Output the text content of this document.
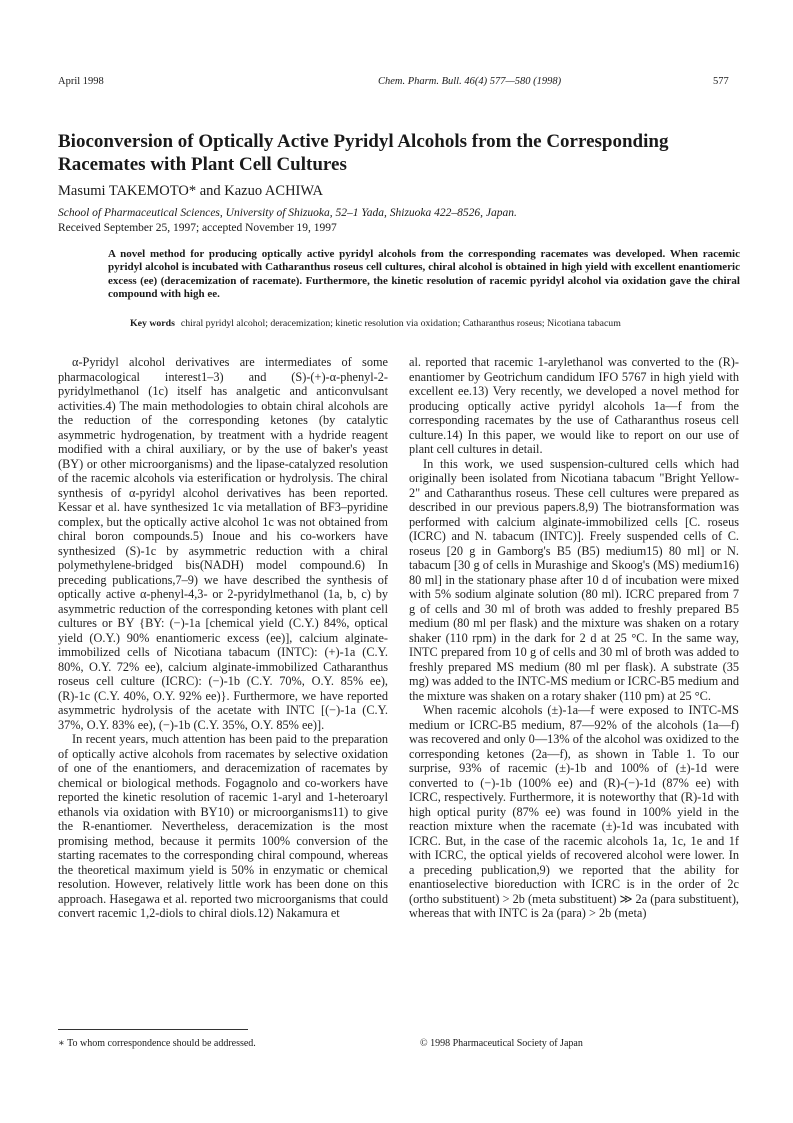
April 1998	Chem. Pharm. Bull. 46(4) 577—580 (1998)	577
Bioconversion of Optically Active Pyridyl Alcohols from the Corresponding Racemates with Plant Cell Cultures
Masumi TAKEMOTO* and Kazuo ACHIWA
School of Pharmaceutical Sciences, University of Shizuoka, 52–1 Yada, Shizuoka 422–8526, Japan.
Received September 25, 1997; accepted November 19, 1997
A novel method for producing optically active pyridyl alcohols from the corresponding racemates was developed. When racemic pyridyl alcohol is incubated with Catharanthus roseus cell cultures, chiral alcohol is obtained in high yield with excellent enantiomeric excess (ee) (deracemization of racemate). Furthermore, the kinetic resolution of racemic pyridyl alcohol via oxidation gave the chiral compound with high ee.
Key words chiral pyridyl alcohol; deracemization; kinetic resolution via oxidation; Catharanthus roseus; Nicotiana tabacum

α-Pyridyl alcohol derivatives are intermediates of some pharmacological interest1–3) and (S)-(+)-α-phenyl-2-pyridylmethanol (1c) itself has analgetic and anticonvulsant activities.4) The main methodologies to obtain chiral alcohols are the reduction of the corresponding ketones (by catalytic asymmetric hydrogenation, by treatment with a hydride reagent modified with a chiral auxiliary, or by the use of baker's yeast (BY) or other microorganisms) and the lipase-catalyzed resolution of the racemic alcohols via esterification or hydrolysis. The chiral synthesis of α-pyridyl alcohol derivatives has been reported. Kessar et al. have synthesized 1c via metallation of BF3–pyridine complex, but the optically active alcohol 1c was not obtained from chiral boron compounds.5) Inoue and his co-workers have synthesized (S)-1c by asymmetric reduction with a chiral polymethylene-bridged bis(NADH) model compound.6) In preceding publications,7–9) we have described the synthesis of optically active α-phenyl-4,3- or 2-pyridylmethanol (1a, b, c) by asymmetric reduction of the corresponding ketones with plant cell cultures or BY {BY: (−)-1a [chemical yield (C.Y.) 84%, optical yield (O.Y.) 90% enantiomeric excess (ee)], calcium alginate-immobilized cells of Nicotiana tabacum (INTC): (+)-1a (C.Y. 80%, O.Y. 72% ee), calcium alginate-immobilized Catharanthus roseus cell culture (ICRC): (−)-1b (C.Y. 70%, O.Y. 85% ee), (R)-1c (C.Y. 40%, O.Y. 92% ee)}. Furthermore, we have reported asymmetric hydrolysis of the acetate with INTC [(−)-1a (C.Y. 37%, O.Y. 83% ee), (−)-1b (C.Y. 35%, O.Y. 85% ee)].

In recent years, much attention has been paid to the preparation of optically active alcohols from racemates by selective oxidation of one of the enantiomers, and deracemization of racemates by chemical or biological methods. Fogagnolo and co-workers have reported the kinetic resolution of racemic 1-aryl and 1-heteroaryl ethanols via oxidation with BY10) or microorganisms11) to give the R-enantiomer. Nevertheless, deracemization is the most promising method, because it permits 100% conversion of the starting racemates to the corresponding chiral compound, whereas the theoretical maximum yield is 50% in enzymatic or chemical resolution. However, relatively little work has been done on this approach. Hasegawa et al. reported two microorganisms that could convert racemic 1,2-diols to chiral diols.12) Nakamura et

al. reported that racemic 1-arylethanol was converted to the (R)-enantiomer by Geotrichum candidum IFO 5767 in high yield with excellent ee.13) Very recently, we developed a novel method for producing optically active pyridyl alcohols 1a—f from the corresponding racemates by the use of Catharanthus roseus cell culture.14) In this paper, we would like to report on our use of plant cell cultures in detail.

In this work, we used suspension-cultured cells which had originally been isolated from Nicotiana tabacum "Bright Yellow-2" and Catharanthus roseus. These cell cultures were prepared as described in our previous papers.8,9) The biotransformation was performed with calcium alginate-immobilized cells [C. roseus (ICRC) and N. tabacum (INTC)]. Freely suspended cells of C. roseus [20 g in Gamborg's B5 (B5) medium15) 80 ml] or N. tabacum [30 g of cells in Murashige and Skoog's (MS) medium16) 80 ml] in the stationary phase after 10 d of incubation were mixed with 5% sodium alginate solution (80 ml). ICRC prepared from 7 g of cells and 30 ml of broth was added to freshly prepared B5 medium (80 ml per flask) and the mixture was shaken on a rotary shaker (110 rpm) in the dark for 2 d at 25 °C. In the same way, INTC prepared from 10 g of cells and 30 ml of broth was added to freshly prepared MS medium (80 ml per flask). A substrate (35 mg) was added to the INTC-MS medium or ICRC-B5 medium and the mixture was shaken on a rotary shaker (110 pm) at 25 °C.

When racemic alcohols (±)-1a—f were exposed to INTC-MS medium or ICRC-B5 medium, 87—92% of the alcohols (1a—f) was recovered and only 0—13% of the alcohol was oxidized to the corresponding ketones (2a—f), as shown in Table 1. To our surprise, 93% of racemic (±)-1b and 100% of (±)-1d were converted to (−)-1b (100% ee) and (R)-(−)-1d (87% ee) with ICRC, respectively. Furthermore, it is noteworthy that (R)-1d with high optical purity (87% ee) was found in 100% yield in the reaction mixture when the racemate (±)-1d was incubated with ICRC. But, in the case of the racemic alcohols 1a, 1c, 1e and 1f with ICRC, the optical yields of recovered alcohol were lower. In a preceding publication,9) we reported that the ability for enantioselective bioreduction with ICRC is in the order of 2c (ortho substituent) > 2b (meta substituent) ≫ 2a (para substituent), whereas that with INTC is 2a (para) > 2b (meta)

∗ To whom correspondence should be addressed.	© 1998 Pharmaceutical Society of Japan
